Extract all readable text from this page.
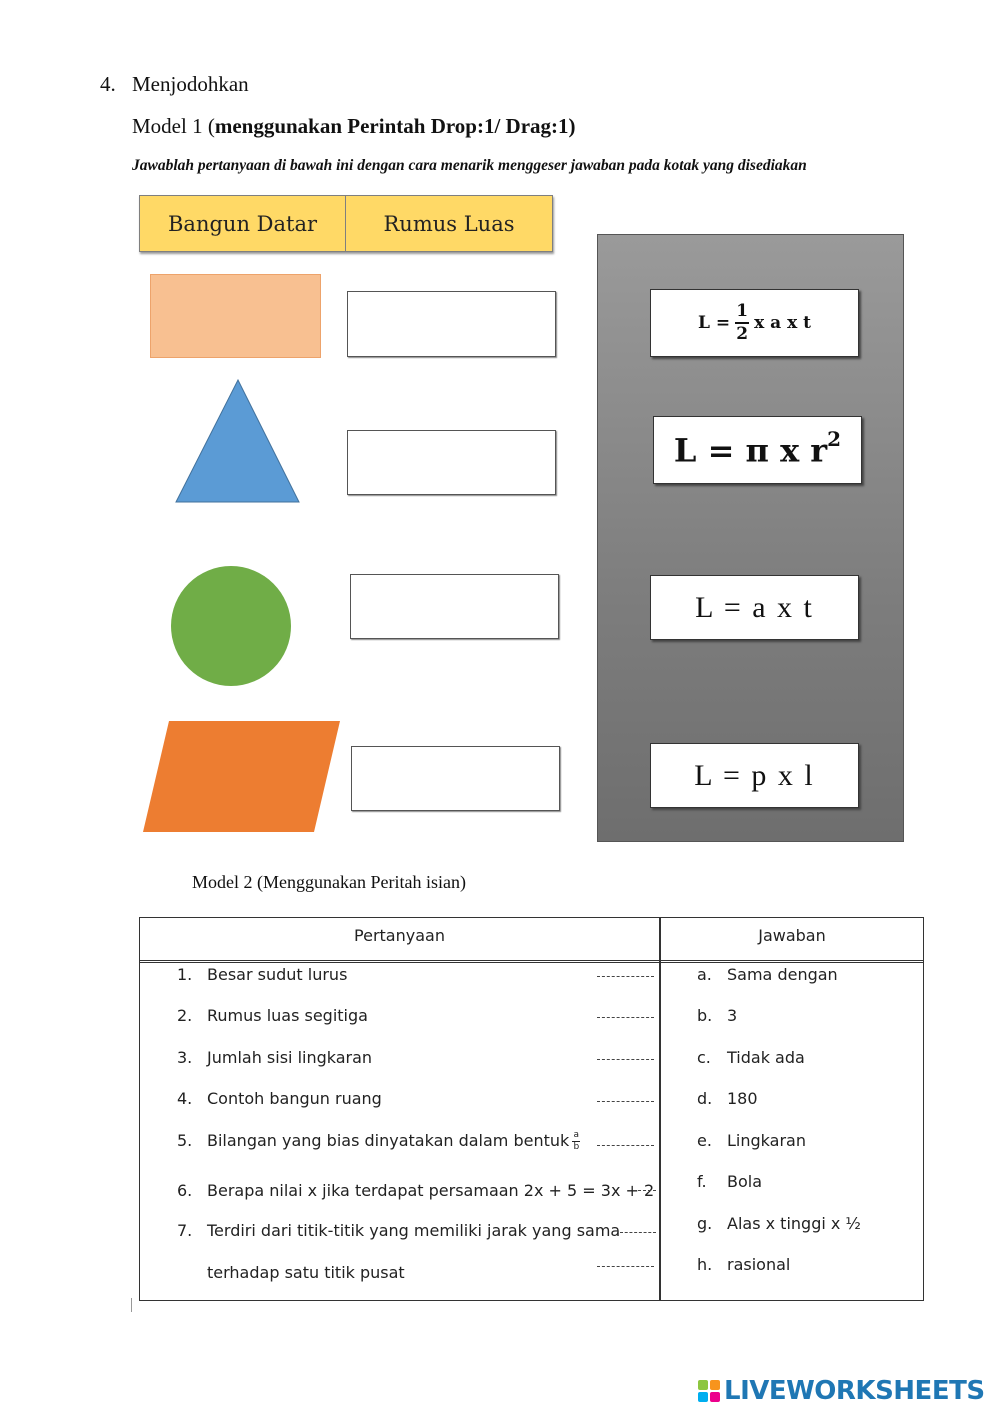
4. Menjodohkan
Model 1 (menggunakan Perintah Drop:1/ Drag:1)
Jawablah pertanyaan di bawah ini dengan cara menarik menggeser jawaban pada kotak yang disediakan
Bangun Datar	Rumus Luas
$L = \frac{1}{2}$ x a x t
L = π x $r^2$
L = a x t
L = p x l
Model 2 (Menggunakan Peritah isian)
Pertanyaan	Jawaban
1. Besar sudut lurus
2. Rumus luas segitiga
3. Jumlah sisi lingkaran
4. Contoh bangun ruang
5. Bilangan yang bias dinyatakan dalam bentuk $\frac{a}{b}$
6. Berapa nilai x jika terdapat persamaan 2x + 5 = 3x + 2
7. Terdiri dari titik-titik yang memiliki jarak yang sama
terhadap satu titik pusat
a. Sama dengan
b. 3
c. Tidak ada
d. 180
e. Lingkaran
f. Bola
g. Alas x tinggi x ½
h. rasional
LIVEWORKSHEETS
